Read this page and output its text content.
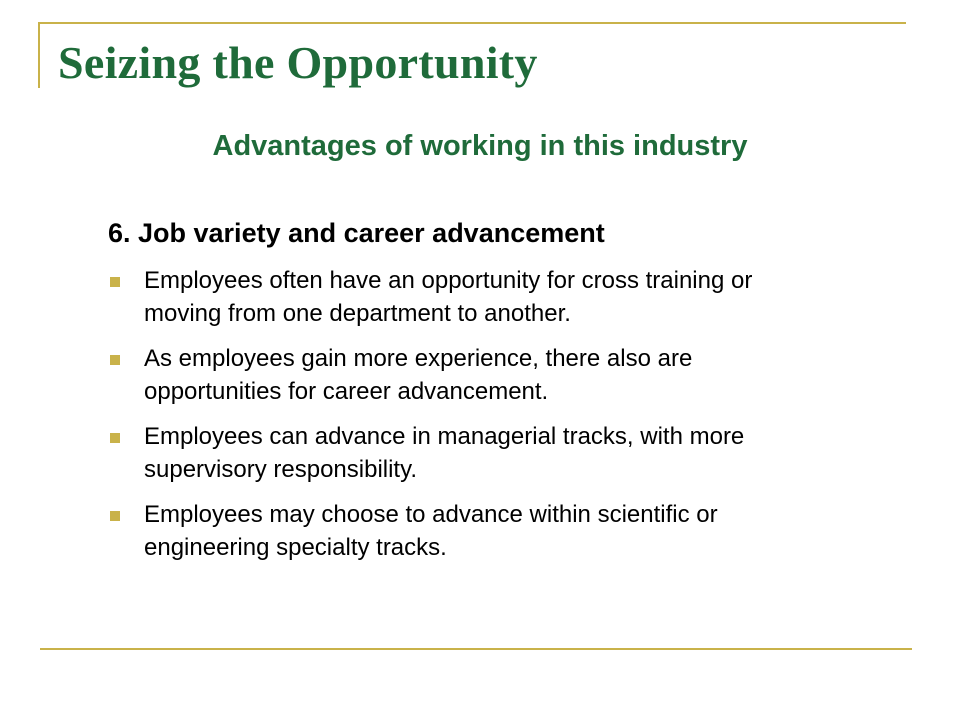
Seizing the Opportunity
Advantages of working in this industry
6. Job variety and career advancement
Employees often have an opportunity for cross training or moving from one department to another.
As employees gain more experience, there also are opportunities for career advancement.
Employees can advance in managerial tracks, with more supervisory responsibility.
Employees may choose to advance within scientific or engineering specialty tracks.
